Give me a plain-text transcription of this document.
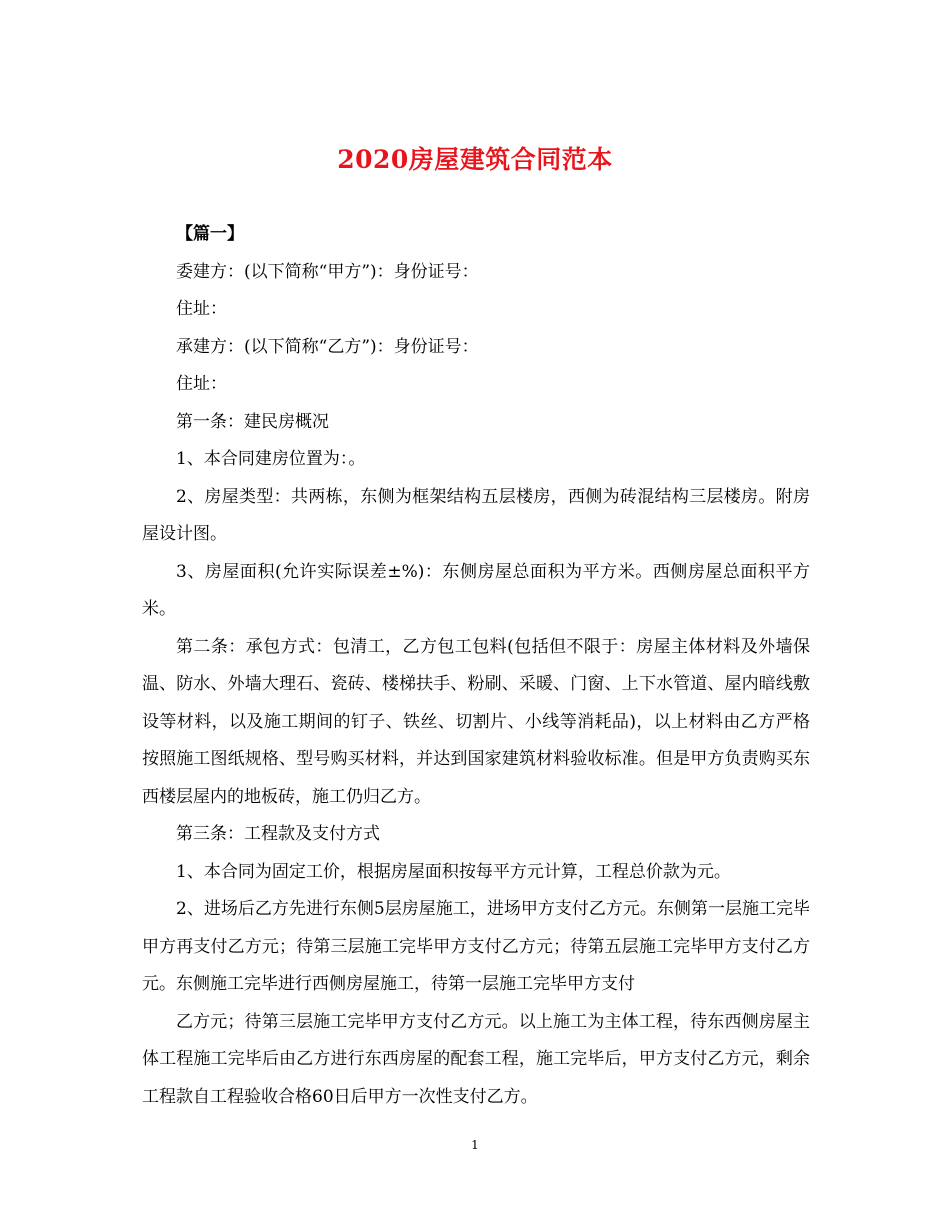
2020房屋建筑合同范本

【篇一】

委建方：(以下简称“甲方”)：身份证号：

住址：

承建方：(以下简称“乙方”)：身份证号：

住址：

第一条：建民房概况

1、本合同建房位置为：。

2、房屋类型：共两栋，东侧为框架结构五层楼房，西侧为砖混结构三层楼房。附房屋设计图。

3、房屋面积(允许实际误差±%)：东侧房屋总面积为平方米。西侧房屋总面积平方米。

第二条：承包方式：包清工，乙方包工包料(包括但不限于：房屋主体材料及外墙保温、防水、外墙大理石、瓷砖、楼梯扶手、粉刷、采暖、门窗、上下水管道、屋内暗线敷设等材料，以及施工期间的钉子、铁丝、切割片、小线等消耗品)，以上材料由乙方严格按照施工图纸规格、型号购买材料，并达到国家建筑材料验收标准。但是甲方负责购买东西楼层屋内的地板砖，施工仍归乙方。

第三条：工程款及支付方式

1、本合同为固定工价，根据房屋面积按每平方元计算，工程总价款为元。

2、进场后乙方先进行东侧5层房屋施工，进场甲方支付乙方元。东侧第一层施工完毕甲方再支付乙方元；待第三层施工完毕甲方支付乙方元；待第五层施工完毕甲方支付乙方元。东侧施工完毕进行西侧房屋施工，待第一层施工完毕甲方支付

乙方元；待第三层施工完毕甲方支付乙方元。以上施工为主体工程，待东西侧房屋主体工程施工完毕后由乙方进行东西房屋的配套工程，施工完毕后，甲方支付乙方元，剩余工程款自工程验收合格60日后甲方一次性支付乙方。

1
